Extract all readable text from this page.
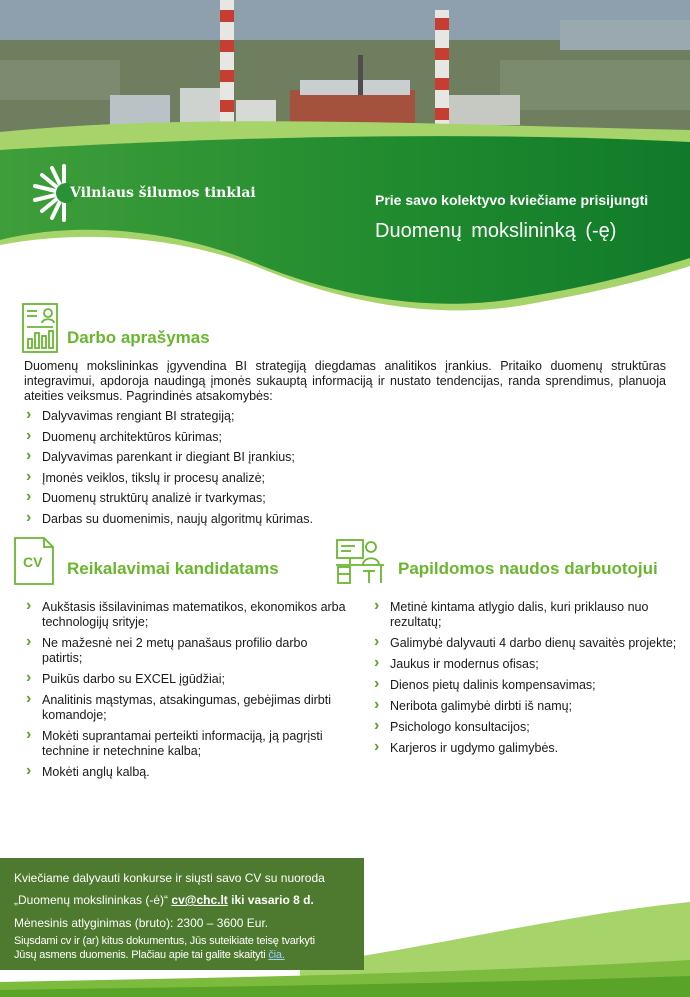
Vilniaus šilumos tinklai	Prie savo kolektyvo kviečiame prisijungti
Duomenų mokslininką (-ę)
Darbo aprašymas
Duomenų mokslininkas įgyvendina BI strategiją diegdamas analitikos įrankius. Pritaiko duomenų struktūras integravimui, apdoroja naudingą įmonės sukauptą informaciją ir nustato tendencijas, randa sprendimus, planuoja ateities veiksmus. Pagrindinės atsakomybės:
› Dalyvavimas rengiant BI strategiją;
› Duomenų architektūros kūrimas;
› Dalyvavimas parenkant ir diegiant BI įrankius;
› Įmonės veiklos, tikslų ir procesų analizė;
› Duomenų struktūrų analizė ir tvarkymas;
› Darbas su duomenimis, naujų algoritmų kūrimas.
CV Reikalavimai kandidatams
› Aukštasis išsilavinimas matematikos, ekonomikos arba technologijų srityje;
› Ne mažesnė nei 2 metų panašaus profilio darbo patirtis;
› Puikūs darbo su EXCEL įgūdžiai;
› Analitinis mąstymas, atsakingumas, gebėjimas dirbti komandoje;
› Mokėti suprantamai perteikti informaciją, ją pagrįsti technine ir netechnine kalba;
› Mokėti anglų kalbą.
Papildomos naudos darbuotojui
› Metinė kintama atlygio dalis, kuri priklauso nuo rezultatų;
› Galimybė dalyvauti 4 darbo dienų savaitės projekte;
› Jaukus ir modernus ofisas;
› Dienos pietų dalinis kompensavimas;
› Neribota galimybė dirbti iš namų;
› Psichologo konsultacijos;
› Karjeros ir ugdymo galimybės.
Kviečiame dalyvauti konkurse ir siųsti savo CV su nuoroda
„Duomenų mokslininkas (-ė)“ cv@chc.lt iki vasario 8 d.
Mėnesinis atlyginimas (bruto): 2300 – 3600 Eur.
Siųsdami cv ir (ar) kitus dokumentus, Jūs suteikiate teisę tvarkyti
Jūsų asmens duomenis. Plačiau apie tai galite skaityti čia.
